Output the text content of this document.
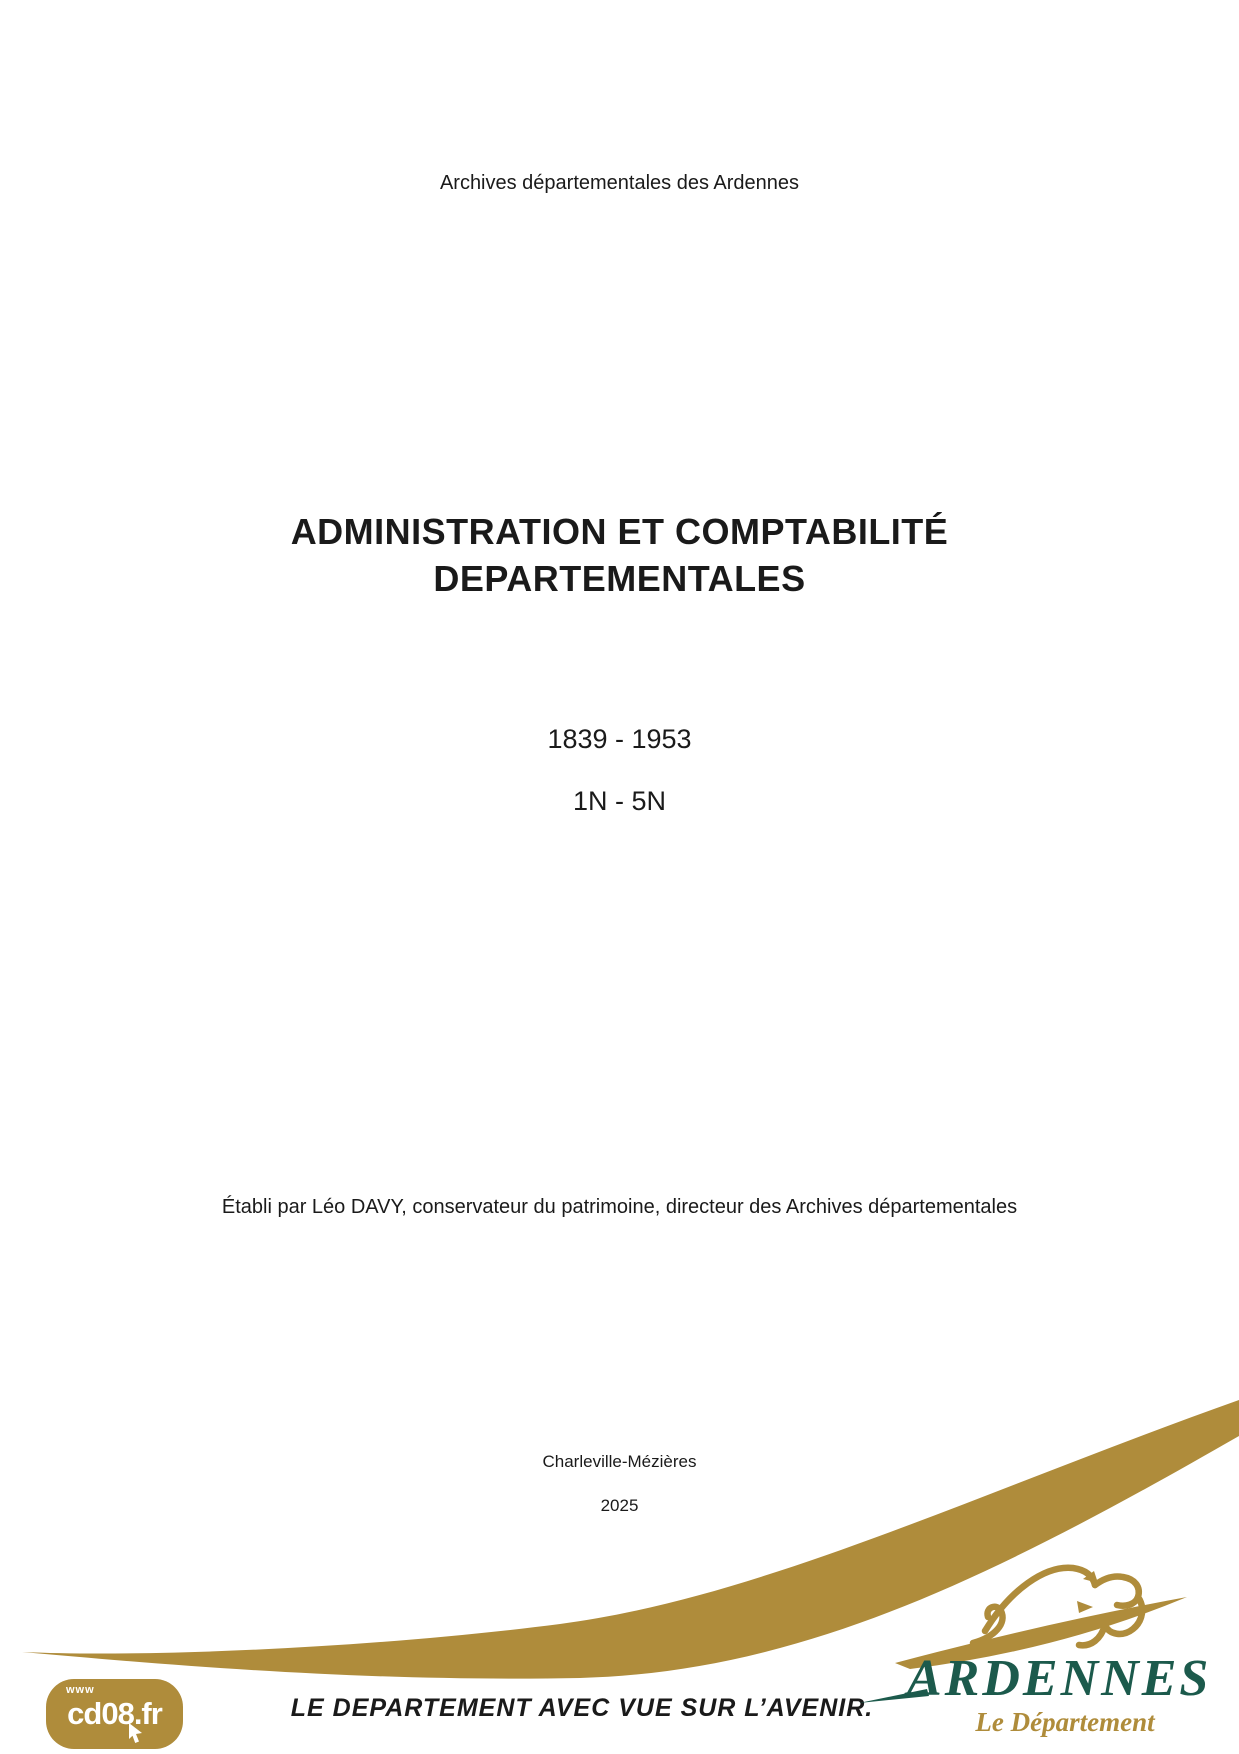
Archives départementales des Ardennes
ADMINISTRATION ET COMPTABILITÉ
DEPARTEMENTALES
1839 - 1953
1N - 5N
Établi par Léo DAVY, conservateur du patrimoine, directeur des Archives départementales
Charleville-Mézières
2025
www
cd08.fr	LE DEPARTEMENT AVEC VUE SUR L’AVENIR.
ARDENNES
Le Département
